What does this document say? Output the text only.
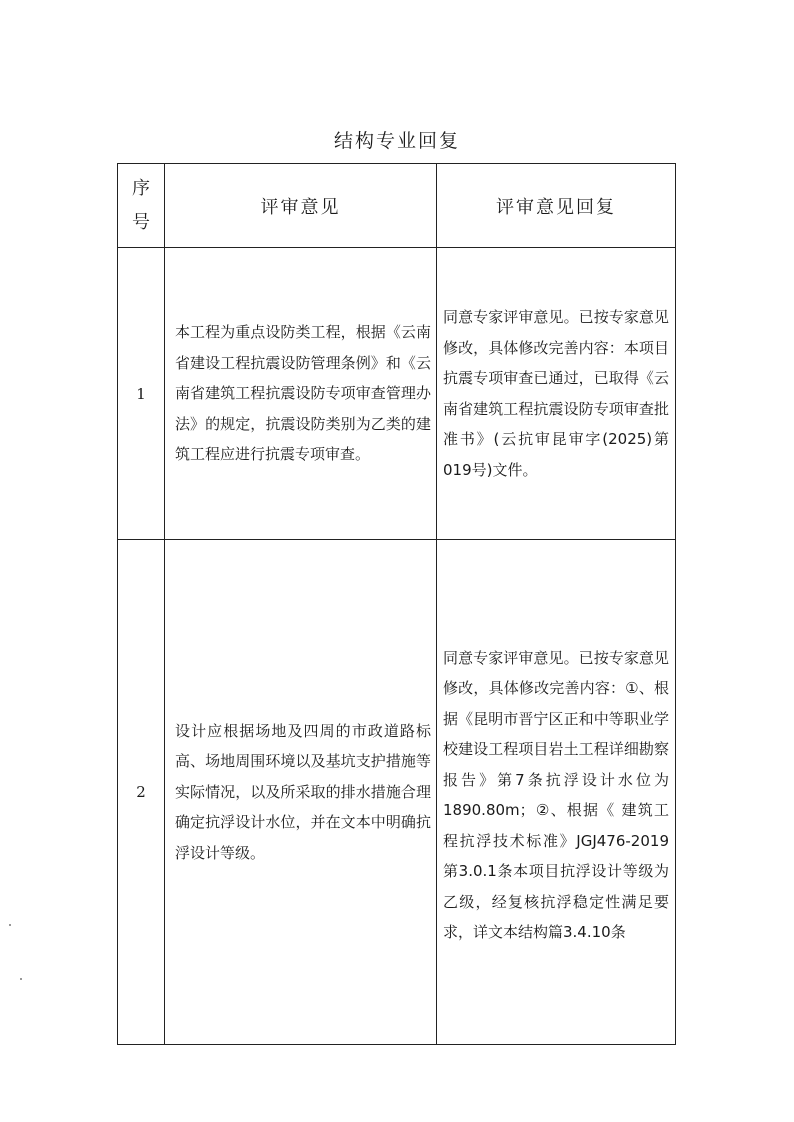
结构专业回复
序
号	评审意见	评审意见回复
1	本工程为重点设防类工程，根据《云南省建设工程抗震设防管理条例》和《云南省建筑工程抗震设防专项审查管理办法》的规定，抗震设防类别为乙类的建筑工程应进行抗震专项审查。	同意专家评审意见。已按专家意见修改，具体修改完善内容：本项目抗震专项审查已通过，已取得《云南省建筑工程抗震设防专项审查批准书》(云抗审昆审字(2025)第019号)文件。

2	设计应根据场地及四周的市政道路标高、场地周围环境以及基坑支护措施等实际情况，以及所采取的排水措施合理确定抗浮设计水位，并在文本中明确抗浮设计等级。	同意专家评审意见。已按专家意见修改，具体修改完善内容：①、根据《昆明市晋宁区正和中等职业学校建设工程项目岩土工程详细勘察报告》第7条抗浮设计水位为1890.80m；②、根据《 建筑工程抗浮技术标准》JGJ476-2019 第3.0.1条本项目抗浮设计等级为乙级，经复核抗浮稳定性满足要求，详文本结构篇3.4.10条
